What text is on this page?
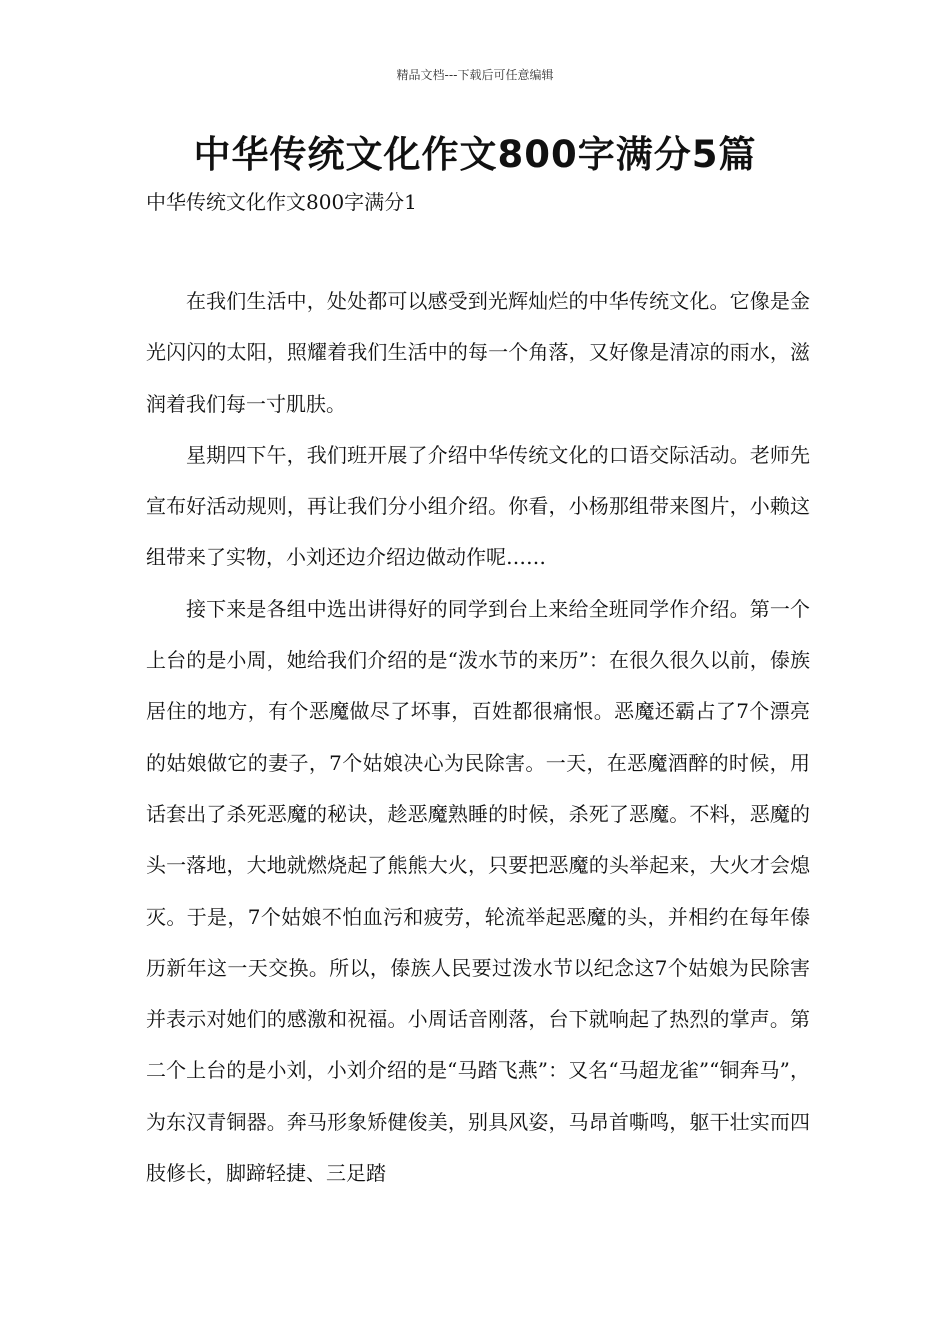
精品文档---下载后可任意编辑
中华传统文化作文800字满分5篇
中华传统文化作文800字满分1

在我们生活中，处处都可以感受到光辉灿烂的中华传统文化。它像是金光闪闪的太阳，照耀着我们生活中的每一个角落，又好像是清凉的雨水，滋润着我们每一寸肌肤。

星期四下午，我们班开展了介绍中华传统文化的口语交际活动。老师先宣布好活动规则，再让我们分小组介绍。你看，小杨那组带来图片，小赖这组带来了实物，小刘还边介绍边做动作呢……

接下来是各组中选出讲得好的同学到台上来给全班同学作介绍。第一个上台的是小周，她给我们介绍的是“泼水节的来历”：在很久很久以前，傣族居住的地方，有个恶魔做尽了坏事，百姓都很痛恨。恶魔还霸占了7个漂亮的姑娘做它的妻子，7个姑娘决心为民除害。一天，在恶魔酒醉的时候，用话套出了杀死恶魔的秘诀，趁恶魔熟睡的时候，杀死了恶魔。不料，恶魔的头一落地，大地就燃烧起了熊熊大火，只要把恶魔的头举起来，大火才会熄灭。于是，7个姑娘不怕血污和疲劳，轮流举起恶魔的头，并相约在每年傣历新年这一天交换。所以，傣族人民要过泼水节以纪念这7个姑娘为民除害并表示对她们的感激和祝福。小周话音刚落，台下就响起了热烈的掌声。第二个上台的是小刘，小刘介绍的是“马踏飞燕”：又名“马超龙雀”“铜奔马”，为东汉青铜器。奔马形象矫健俊美，别具风姿，马昂首嘶鸣，躯干壮实而四肢修长，脚蹄轻捷、三足踏
